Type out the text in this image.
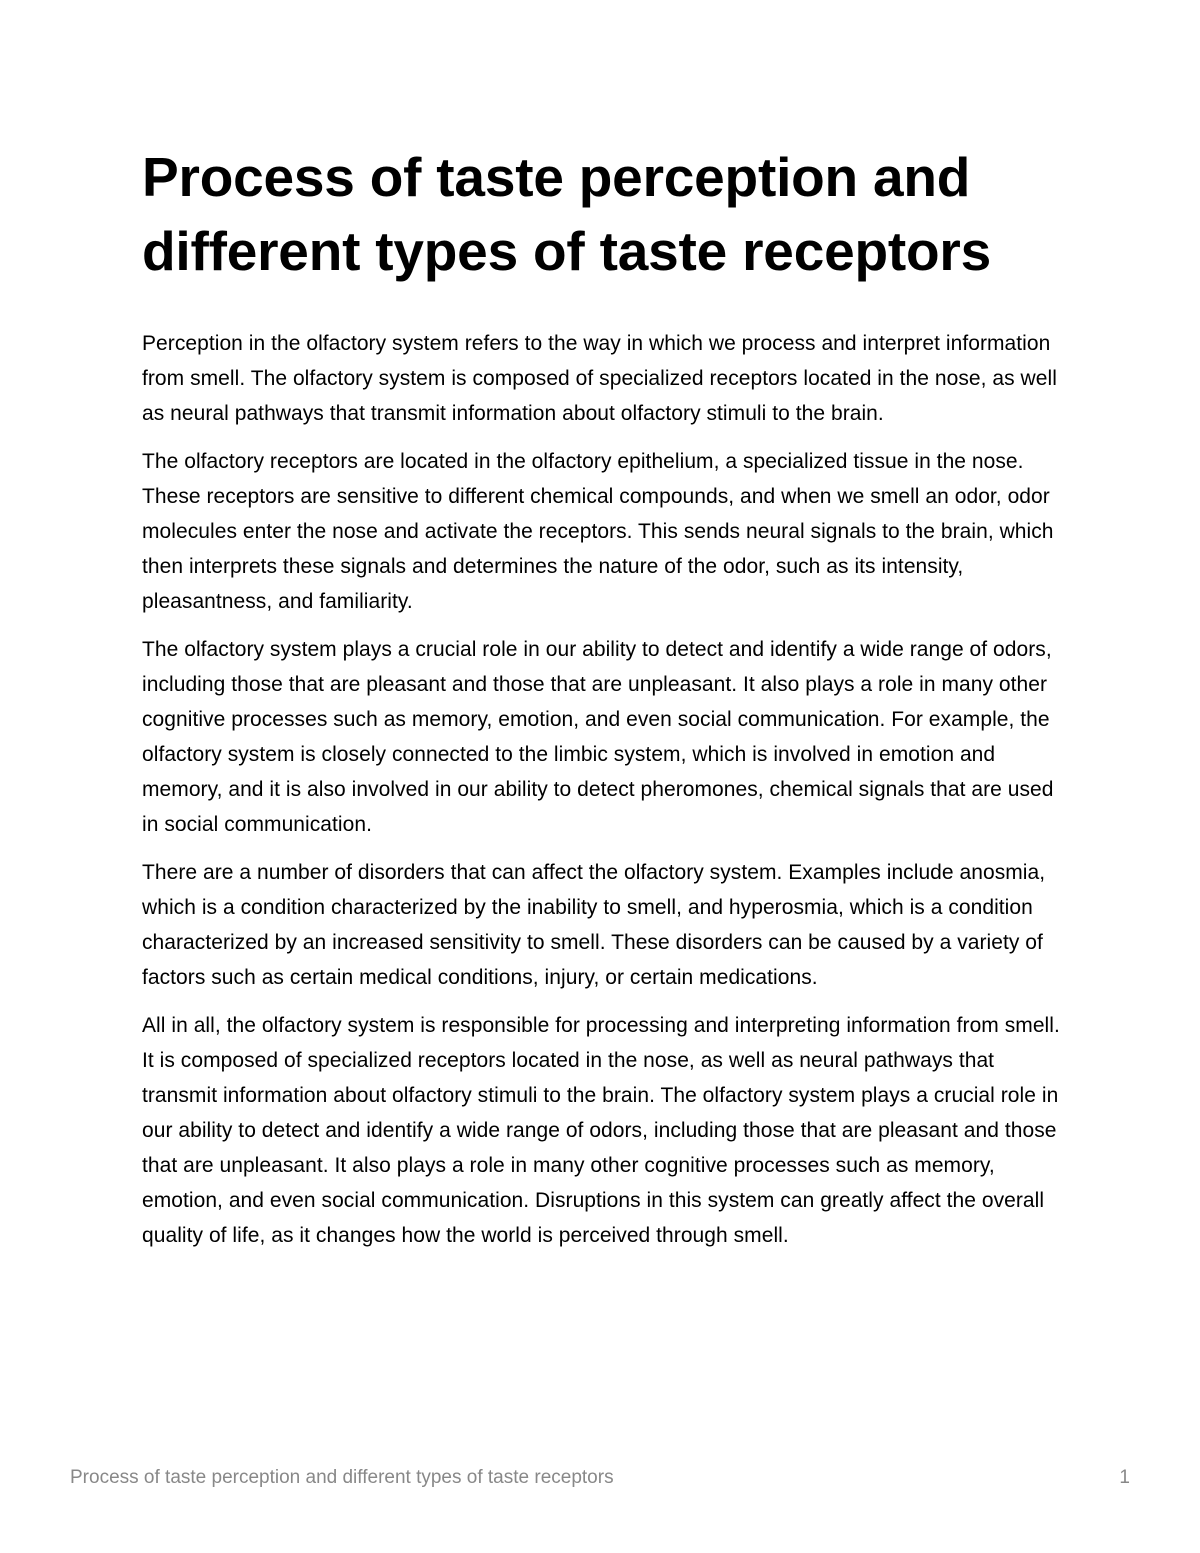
Process of taste perception and different types of taste receptors

Perception in the olfactory system refers to the way in which we process and interpret information from smell. The olfactory system is composed of specialized receptors located in the nose, as well as neural pathways that transmit information about olfactory stimuli to the brain.

The olfactory receptors are located in the olfactory epithelium, a specialized tissue in the nose. These receptors are sensitive to different chemical compounds, and when we smell an odor, odor molecules enter the nose and activate the receptors. This sends neural signals to the brain, which then interprets these signals and determines the nature of the odor, such as its intensity, pleasantness, and familiarity.

The olfactory system plays a crucial role in our ability to detect and identify a wide range of odors, including those that are pleasant and those that are unpleasant. It also plays a role in many other cognitive processes such as memory, emotion, and even social communication. For example, the olfactory system is closely connected to the limbic system, which is involved in emotion and memory, and it is also involved in our ability to detect pheromones, chemical signals that are used in social communication.

There are a number of disorders that can affect the olfactory system. Examples include anosmia, which is a condition characterized by the inability to smell, and hyperosmia, which is a condition characterized by an increased sensitivity to smell. These disorders can be caused by a variety of factors such as certain medical conditions, injury, or certain medications.

All in all, the olfactory system is responsible for processing and interpreting information from smell. It is composed of specialized receptors located in the nose, as well as neural pathways that transmit information about olfactory stimuli to the brain. The olfactory system plays a crucial role in our ability to detect and identify a wide range of odors, including those that are pleasant and those that are unpleasant. It also plays a role in many other cognitive processes such as memory, emotion, and even social communication. Disruptions in this system can greatly affect the overall quality of life, as it changes how the world is perceived through smell.

Process of taste perception and different types of taste receptors	1
